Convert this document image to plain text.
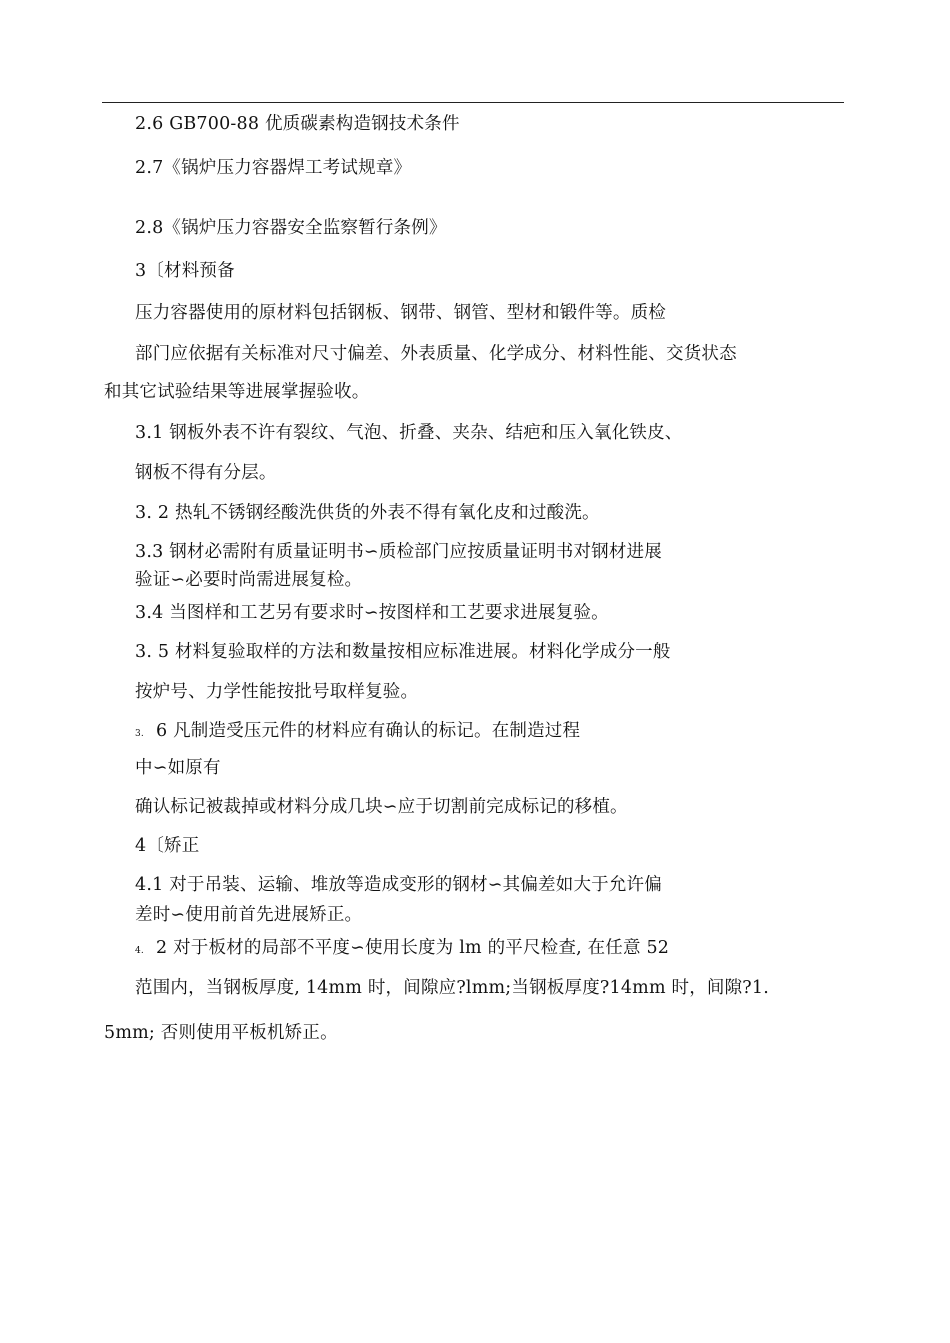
2.6 GB700-88 优质碳素构造钢技术条件
2.7《锅炉压力容器焊工考试规章》
2.8《锅炉压力容器安全监察暂行条例》
3〔材料预备
压力容器使用的原材料包括钢板、钢带、钢管、型材和锻件等。质检
部门应依据有关标准对尺寸偏差、外表质量、化学成分、材料性能、交货状态
和其它试验结果等进展掌握验收。
3.1 钢板外表不许有裂纹、气泡、折叠、夹杂、结疤和压入氧化铁皮、
钢板不得有分层。
3. 2 热轧不锈钢经酸洗供货的外表不得有氧化皮和过酸洗。
3.3 钢材必需附有质量证明书∽质检部门应按质量证明书对钢材进展
验证∽必要时尚需进展复检。
3.4 当图样和工艺另有要求时∽按图样和工艺要求进展复验。
3. 5 材料复验取样的方法和数量按相应标准进展。材料化学成分一般
按炉号、力学性能按批号取样复验。
3. 6 凡制造受压元件的材料应有确认的标记。在制造过程
中∽如原有
确认标记被裁掉或材料分成几块∽应于切割前完成标记的移植。
4〔矫正
4.1 对于吊装、运输、堆放等造成变形的钢材∽其偏差如大于允许偏
差时∽使用前首先进展矫正。
4. 2 对于板材的局部不平度∽使用长度为 lm 的平尺检查, 在任意 52
范围内，当钢板厚度, 14mm 时，间隙应?lmm;当钢板厚度?14mm 时，间隙?1.
5mm; 否则使用平板机矫正。
